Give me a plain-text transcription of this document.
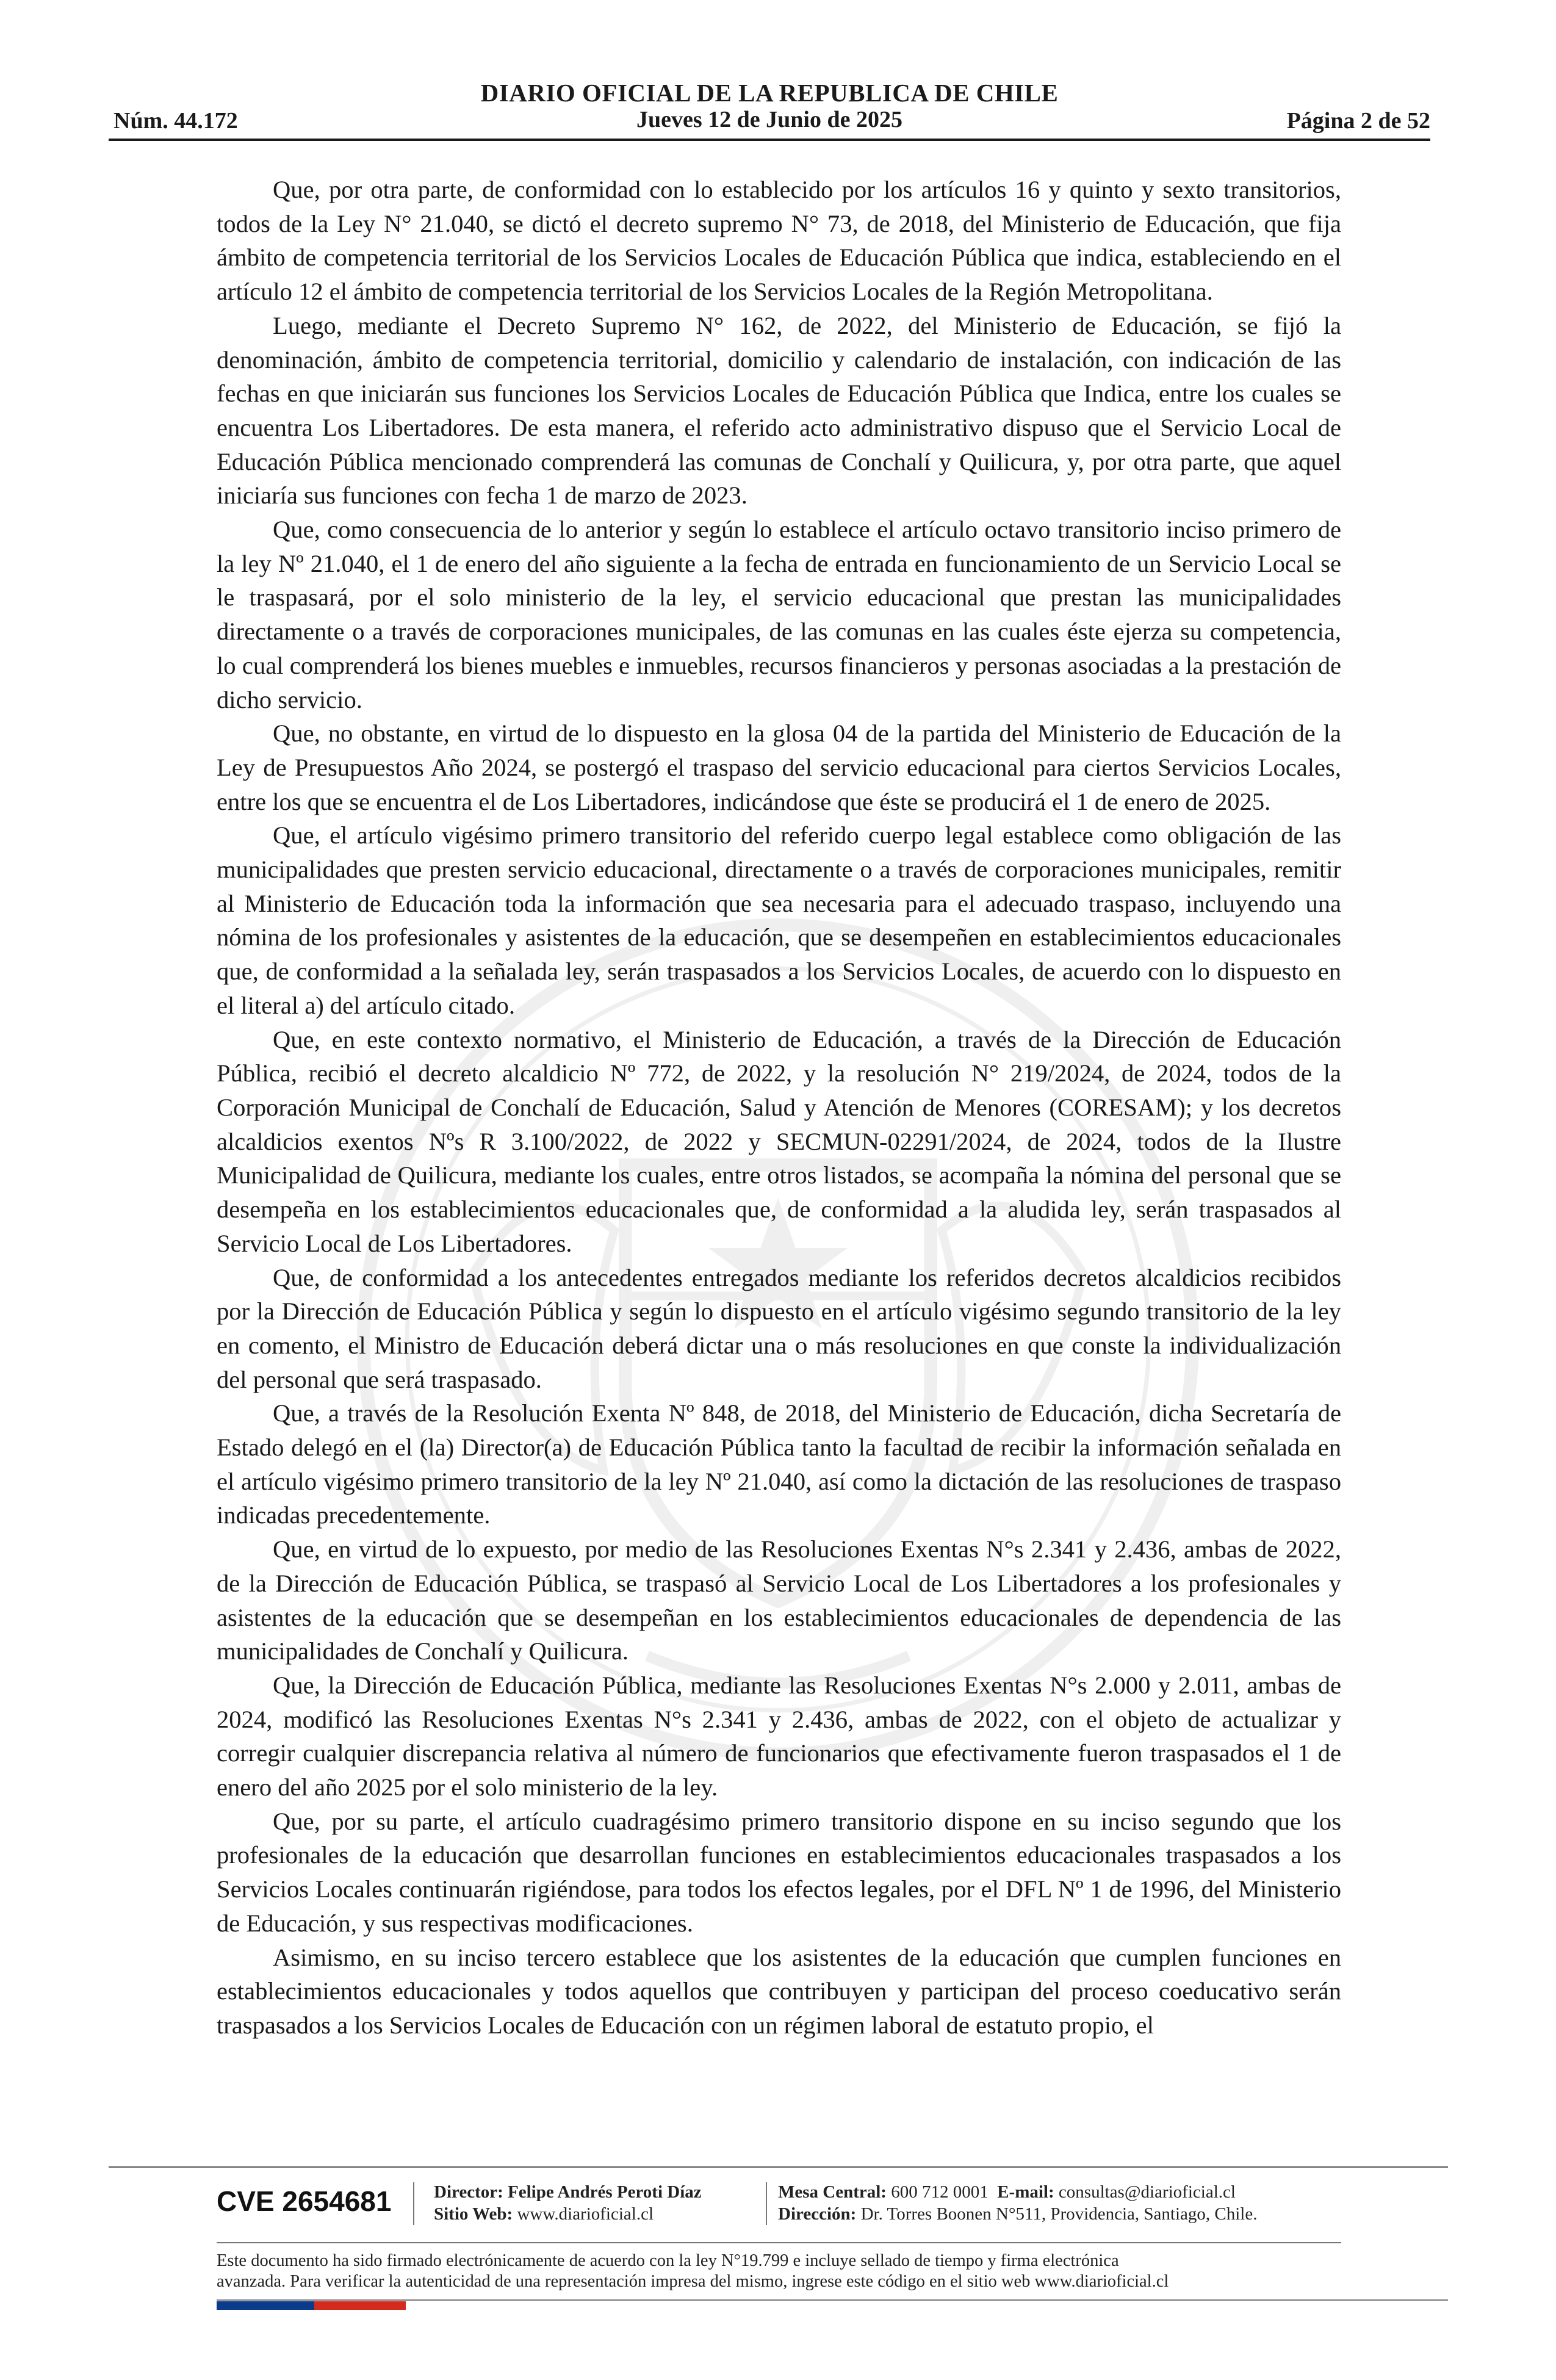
DIARIO OFICIAL DE LA REPUBLICA DE CHILE
Núm. 44.172	Jueves 12 de Junio de 2025	Página 2 de 52

Que, por otra parte, de conformidad con lo establecido por los artículos 16 y quinto y sexto transitorios, todos de la Ley N° 21.040, se dictó el decreto supremo N° 73, de 2018, del Ministerio de Educación, que fija ámbito de competencia territorial de los Servicios Locales de Educación Pública que indica, estableciendo en el artículo 12 el ámbito de competencia territorial de los Servicios Locales de la Región Metropolitana.

Luego, mediante el Decreto Supremo N° 162, de 2022, del Ministerio de Educación, se fijó la denominación, ámbito de competencia territorial, domicilio y calendario de instalación, con indicación de las fechas en que iniciarán sus funciones los Servicios Locales de Educación Pública que Indica, entre los cuales se encuentra Los Libertadores. De esta manera, el referido acto administrativo dispuso que el Servicio Local de Educación Pública mencionado comprenderá las comunas de Conchalí y Quilicura, y, por otra parte, que aquel iniciaría sus funciones con fecha 1 de marzo de 2023.

Que, como consecuencia de lo anterior y según lo establece el artículo octavo transitorio inciso primero de la ley Nº 21.040, el 1 de enero del año siguiente a la fecha de entrada en funcionamiento de un Servicio Local se le traspasará, por el solo ministerio de la ley, el servicio educacional que prestan las municipalidades directamente o a través de corporaciones municipales, de las comunas en las cuales éste ejerza su competencia, lo cual comprenderá los bienes muebles e inmuebles, recursos financieros y personas asociadas a la prestación de dicho servicio.

Que, no obstante, en virtud de lo dispuesto en la glosa 04 de la partida del Ministerio de Educación de la Ley de Presupuestos Año 2024, se postergó el traspaso del servicio educacional para ciertos Servicios Locales, entre los que se encuentra el de Los Libertadores, indicándose que éste se producirá el 1 de enero de 2025.

Que, el artículo vigésimo primero transitorio del referido cuerpo legal establece como obligación de las municipalidades que presten servicio educacional, directamente o a través de corporaciones municipales, remitir al Ministerio de Educación toda la información que sea necesaria para el adecuado traspaso, incluyendo una nómina de los profesionales y asistentes de la educación, que se desempeñen en establecimientos educacionales que, de conformidad a la señalada ley, serán traspasados a los Servicios Locales, de acuerdo con lo dispuesto en el literal a) del artículo citado.

Que, en este contexto normativo, el Ministerio de Educación, a través de la Dirección de Educación Pública, recibió el decreto alcaldicio Nº 772, de 2022, y la resolución N° 219/2024, de 2024, todos de la Corporación Municipal de Conchalí de Educación, Salud y Atención de Menores (CORESAM); y los decretos alcaldicios exentos Nºs R 3.100/2022, de 2022 y SECMUN-02291/2024, de 2024, todos de la Ilustre Municipalidad de Quilicura, mediante los cuales, entre otros listados, se acompaña la nómina del personal que se desempeña en los establecimientos educacionales que, de conformidad a la aludida ley, serán traspasados al Servicio Local de Los Libertadores.

Que, de conformidad a los antecedentes entregados mediante los referidos decretos alcaldicios recibidos por la Dirección de Educación Pública y según lo dispuesto en el artículo vigésimo segundo transitorio de la ley en comento, el Ministro de Educación deberá dictar una o más resoluciones en que conste la individualización del personal que será traspasado.

Que, a través de la Resolución Exenta Nº 848, de 2018, del Ministerio de Educación, dicha Secretaría de Estado delegó en el (la) Director(a) de Educación Pública tanto la facultad de recibir la información señalada en el artículo vigésimo primero transitorio de la ley Nº 21.040, así como la dictación de las resoluciones de traspaso indicadas precedentemente.

Que, en virtud de lo expuesto, por medio de las Resoluciones Exentas N°s 2.341 y 2.436, ambas de 2022, de la Dirección de Educación Pública, se traspasó al Servicio Local de Los Libertadores a los profesionales y asistentes de la educación que se desempeñan en los establecimientos educacionales de dependencia de las municipalidades de Conchalí y Quilicura.

Que, la Dirección de Educación Pública, mediante las Resoluciones Exentas N°s 2.000 y 2.011, ambas de 2024, modificó las Resoluciones Exentas N°s 2.341 y 2.436, ambas de 2022, con el objeto de actualizar y corregir cualquier discrepancia relativa al número de funcionarios que efectivamente fueron traspasados el 1 de enero del año 2025 por el solo ministerio de la ley.

Que, por su parte, el artículo cuadragésimo primero transitorio dispone en su inciso segundo que los profesionales de la educación que desarrollan funciones en establecimientos educacionales traspasados a los Servicios Locales continuarán rigiéndose, para todos los efectos legales, por el DFL Nº 1 de 1996, del Ministerio de Educación, y sus respectivas modificaciones.

Asimismo, en su inciso tercero establece que los asistentes de la educación que cumplen funciones en establecimientos educacionales y todos aquellos que contribuyen y participan del proceso coeducativo serán traspasados a los Servicios Locales de Educación con un régimen laboral de estatuto propio, el

CVE 2654681 Director: Felipe Andrés Peroti Díaz
Sitio Web: www.diarioficial.cl
Mesa Central: 600 712 0001 E-mail: consultas@diarioficial.cl
Dirección: Dr. Torres Boonen N°511, Providencia, Santiago, Chile.
Este documento ha sido firmado electrónicamente de acuerdo con la ley N°19.799 e incluye sellado de tiempo y firma electrónica
avanzada. Para verificar la autenticidad de una representación impresa del mismo, ingrese este código en el sitio web www.diarioficial.cl
